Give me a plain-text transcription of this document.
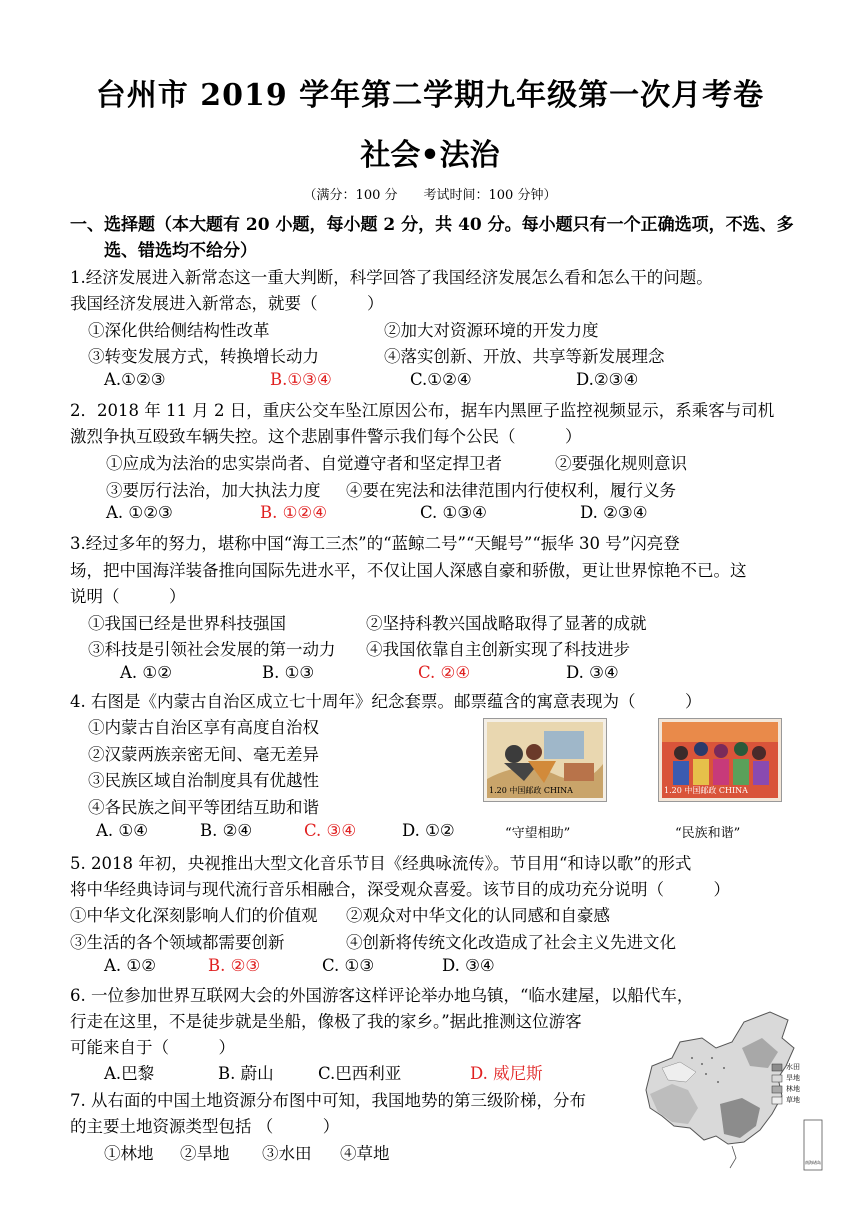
台州市 2019 学年第二学期九年级第一次月考卷
社会•法治
（满分：100 分　　考试时间：100 分钟）
一、选择题（本大题有 20 小题，每小题 2 分，共 40 分。每小题只有一个正确选项，不选、多
选、错选均不给分）
1.经济发展进入新常态这一重大判断，科学回答了我国经济发展怎么看和怎么干的问题。
我国经济发展进入新常态，就要（　　　）
①深化供给侧结构性改革	②加大对资源环境的开发力度
③转变发展方式，转换增长动力	④落实创新、开放、共享等新发展理念
A.①②③	B.①③④	C.①②④	D.②③④
2．2018 年 11 月 2 日，重庆公交车坠江原因公布，据车内黑匣子监控视频显示，系乘客与司机
激烈争执互殴致车辆失控。这个悲剧事件警示我们每个公民（　　　）
①应成为法治的忠实崇尚者、自觉遵守者和坚定捍卫者	②要强化规则意识
③要厉行法治，加大执法力度 ④要在宪法和法律范围内行使权利，履行义务
A. ①②③	B. ①②④	C. ①③④	D. ②③④
3.经过多年的努力，堪称中国“海工三杰”的“蓝鲸二号”“天鲲号”“振华 30 号”闪亮登
场，把中国海洋装备推向国际先进水平，不仅让国人深感自豪和骄傲，更让世界惊艳不已。这
说明（　　　）
①我国已经是世界科技强国	②坚持科教兴国战略取得了显著的成就
③科技是引领社会发展的第一动力 ④我国依靠自主创新实现了科技进步
A. ①②	B. ①③	C. ②④	D. ③④
4. 右图是《内蒙古自治区成立七十周年》纪念套票。邮票蕴含的寓意表现为（　　　）
①内蒙古自治区享有高度自治权
②汉蒙两族亲密无间、毫无差异
③民族区域自治制度具有优越性
④各民族之间平等团结互助和谐
A. ①④	B. ②④	C. ③④	D. ①②
1.20 中国邮政 CHINA
“守望相助”
1.20 中国邮政 CHINA
“民族和谐”
5. 2018 年初，央视推出大型文化音乐节目《经典咏流传》。节目用“和诗以歌”的形式
将中华经典诗词与现代流行音乐相融合，深受观众喜爱。该节目的成功充分说明（　　　）
①中华文化深刻影响人们的价值观 ②观众对中华文化的认同感和自豪感
③生活的各个领域都需要创新	④创新将传统文化改造成了社会主义先进文化
A. ①②	B. ②③	C. ①③	D. ③④
6. 一位参加世界互联网大会的外国游客这样评论举办地乌镇，“临水建屋，以船代车，
行走在这里，不是徒步就是坐船，像极了我的家乡。”据此推测这位游客
可能来自于（　　　）
A.巴黎	B. 蔚山	C.巴西利亚	D. 威尼斯
7. 从右面的中国土地资源分布图中可知，我国地势的第三级阶梯，分布
的主要土地资源类型包括 （　　　）
①林地 ②旱地 ③水田 ④草地
水田
旱地
林地
草地
南海诸岛
